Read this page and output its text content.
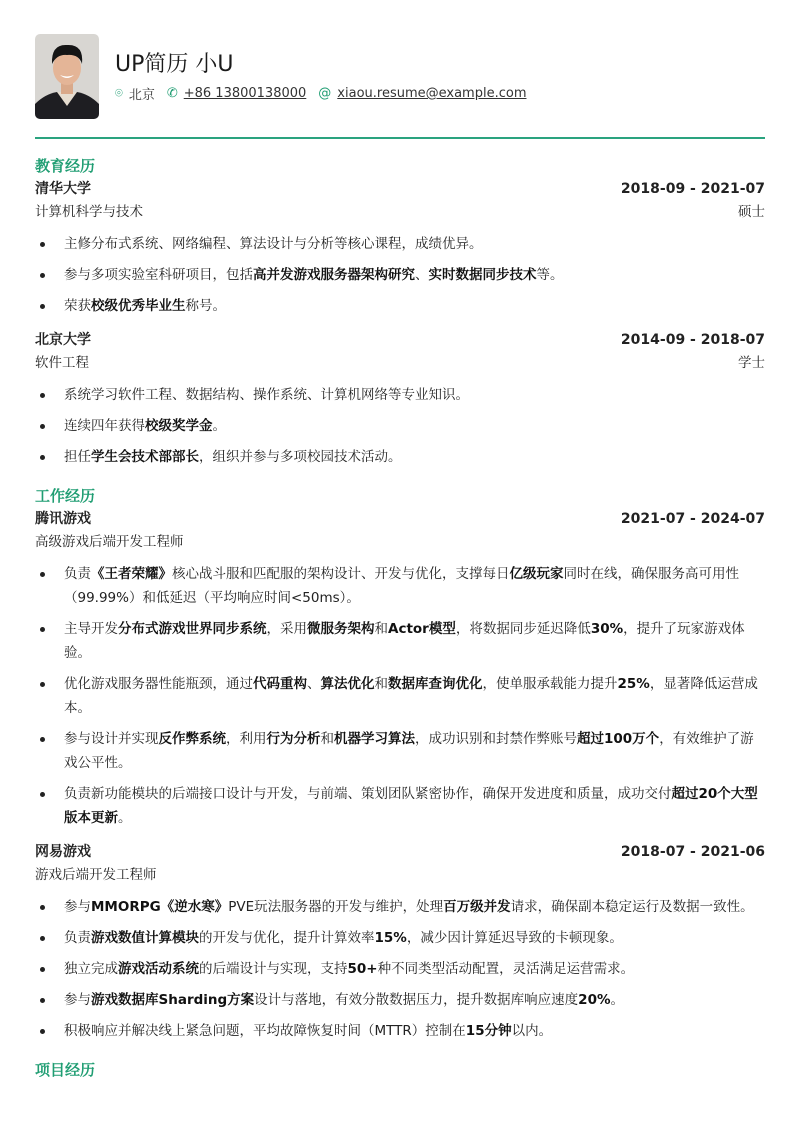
UP简历 小U
⌾ 北京 ✆ +86 13800138000 @ xiaou.resume@example.com
教育经历
清华大学	2018-09 - 2021-07
计算机科学与技术	硕士
主修分布式系统、网络编程、算法设计与分析等核心课程，成绩优异。
参与多项实验室科研项目，包括高并发游戏服务器架构研究、实时数据同步技术等。
荣获校级优秀毕业生称号。
北京大学	2014-09 - 2018-07
软件工程	学士
系统学习软件工程、数据结构、操作系统、计算机网络等专业知识。
连续四年获得校级奖学金。
担任学生会技术部部长，组织并参与多项校园技术活动。
工作经历
腾讯游戏	2021-07 - 2024-07
高级游戏后端开发工程师
负责《王者荣耀》核心战斗服和匹配服的架构设计、开发与优化，支撑每日亿级玩家同时在线，确保服务高可用性（99.99%）和低延迟（平均响应时间<50ms）。
主导开发分布式游戏世界同步系统，采用微服务架构和Actor模型，将数据同步延迟降低30%，提升了玩家游戏体验。
优化游戏服务器性能瓶颈，通过代码重构、算法优化和数据库查询优化，使单服承载能力提升25%，显著降低运营成本。
参与设计并实现反作弊系统，利用行为分析和机器学习算法，成功识别和封禁作弊账号超过100万个，有效维护了游戏公平性。
负责新功能模块的后端接口设计与开发，与前端、策划团队紧密协作，确保开发进度和质量，成功交付超过20个大型版本更新。
网易游戏	2018-07 - 2021-06
游戏后端开发工程师
参与MMORPG《逆水寒》PVE玩法服务器的开发与维护，处理百万级并发请求，确保副本稳定运行及数据一致性。
负责游戏数值计算模块的开发与优化，提升计算效率15%，减少因计算延迟导致的卡顿现象。
独立完成游戏活动系统的后端设计与实现，支持50+种不同类型活动配置，灵活满足运营需求。
参与游戏数据库Sharding方案设计与落地，有效分散数据压力，提升数据库响应速度20%。
积极响应并解决线上紧急问题，平均故障恢复时间（MTTR）控制在15分钟以内。
项目经历
